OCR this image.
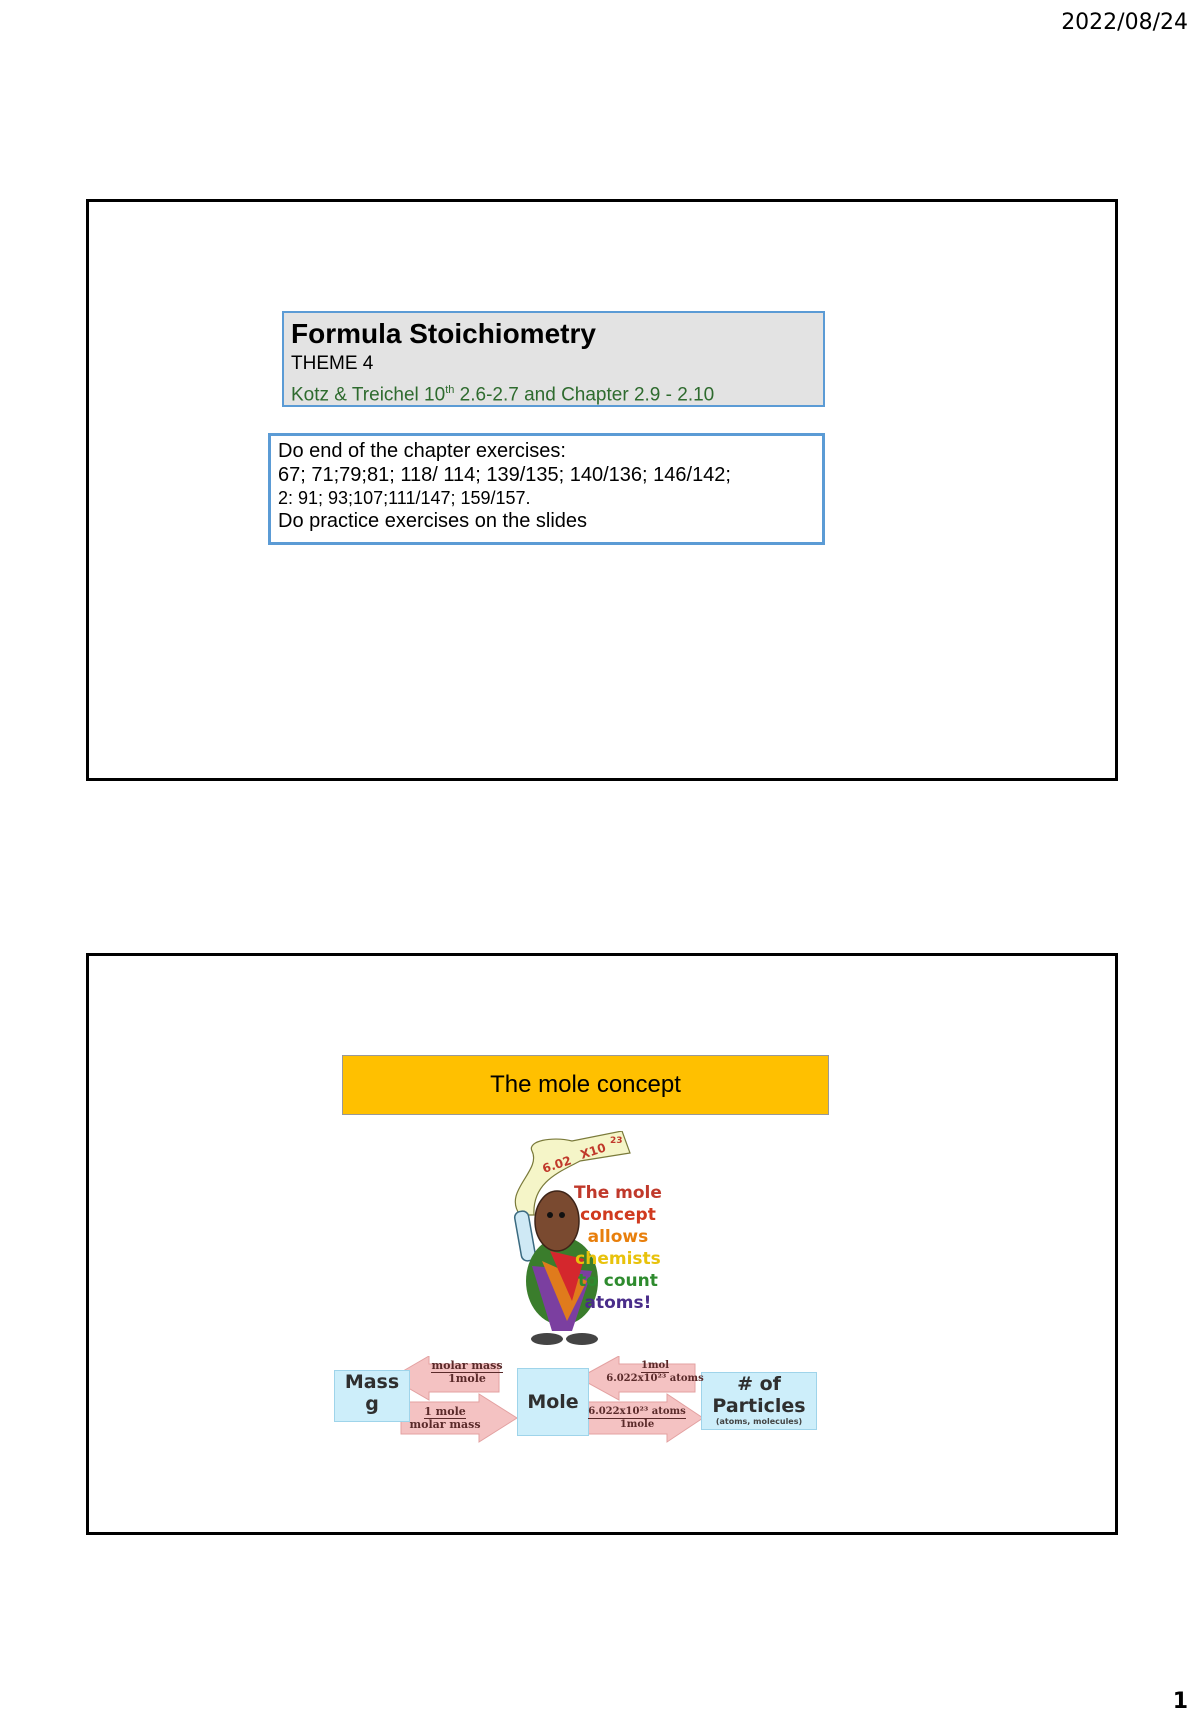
2022/08/24
Formula Stoichiometry
THEME 4
Kotz & Treichel 10th 2.6-2.7 and Chapter 2.9 - 2.10
Do end of the chapter exercises:
67; 71;79;81; 118/ 114; 139/135; 140/136; 146/142;
2: 91; 93;107;111/147; 159/157.
Do practice exercises on the slides
The mole concept
6.02
X10 23
The mole
concept
allows
chemists
to count
atoms!
Mass
g	Mole
# of
Particles
(atoms, molecules)
molar mass
1mole
1 mole
molar mass
1mol
6.022x10²³ atoms
6.022x10²³ atoms
1mole
1
